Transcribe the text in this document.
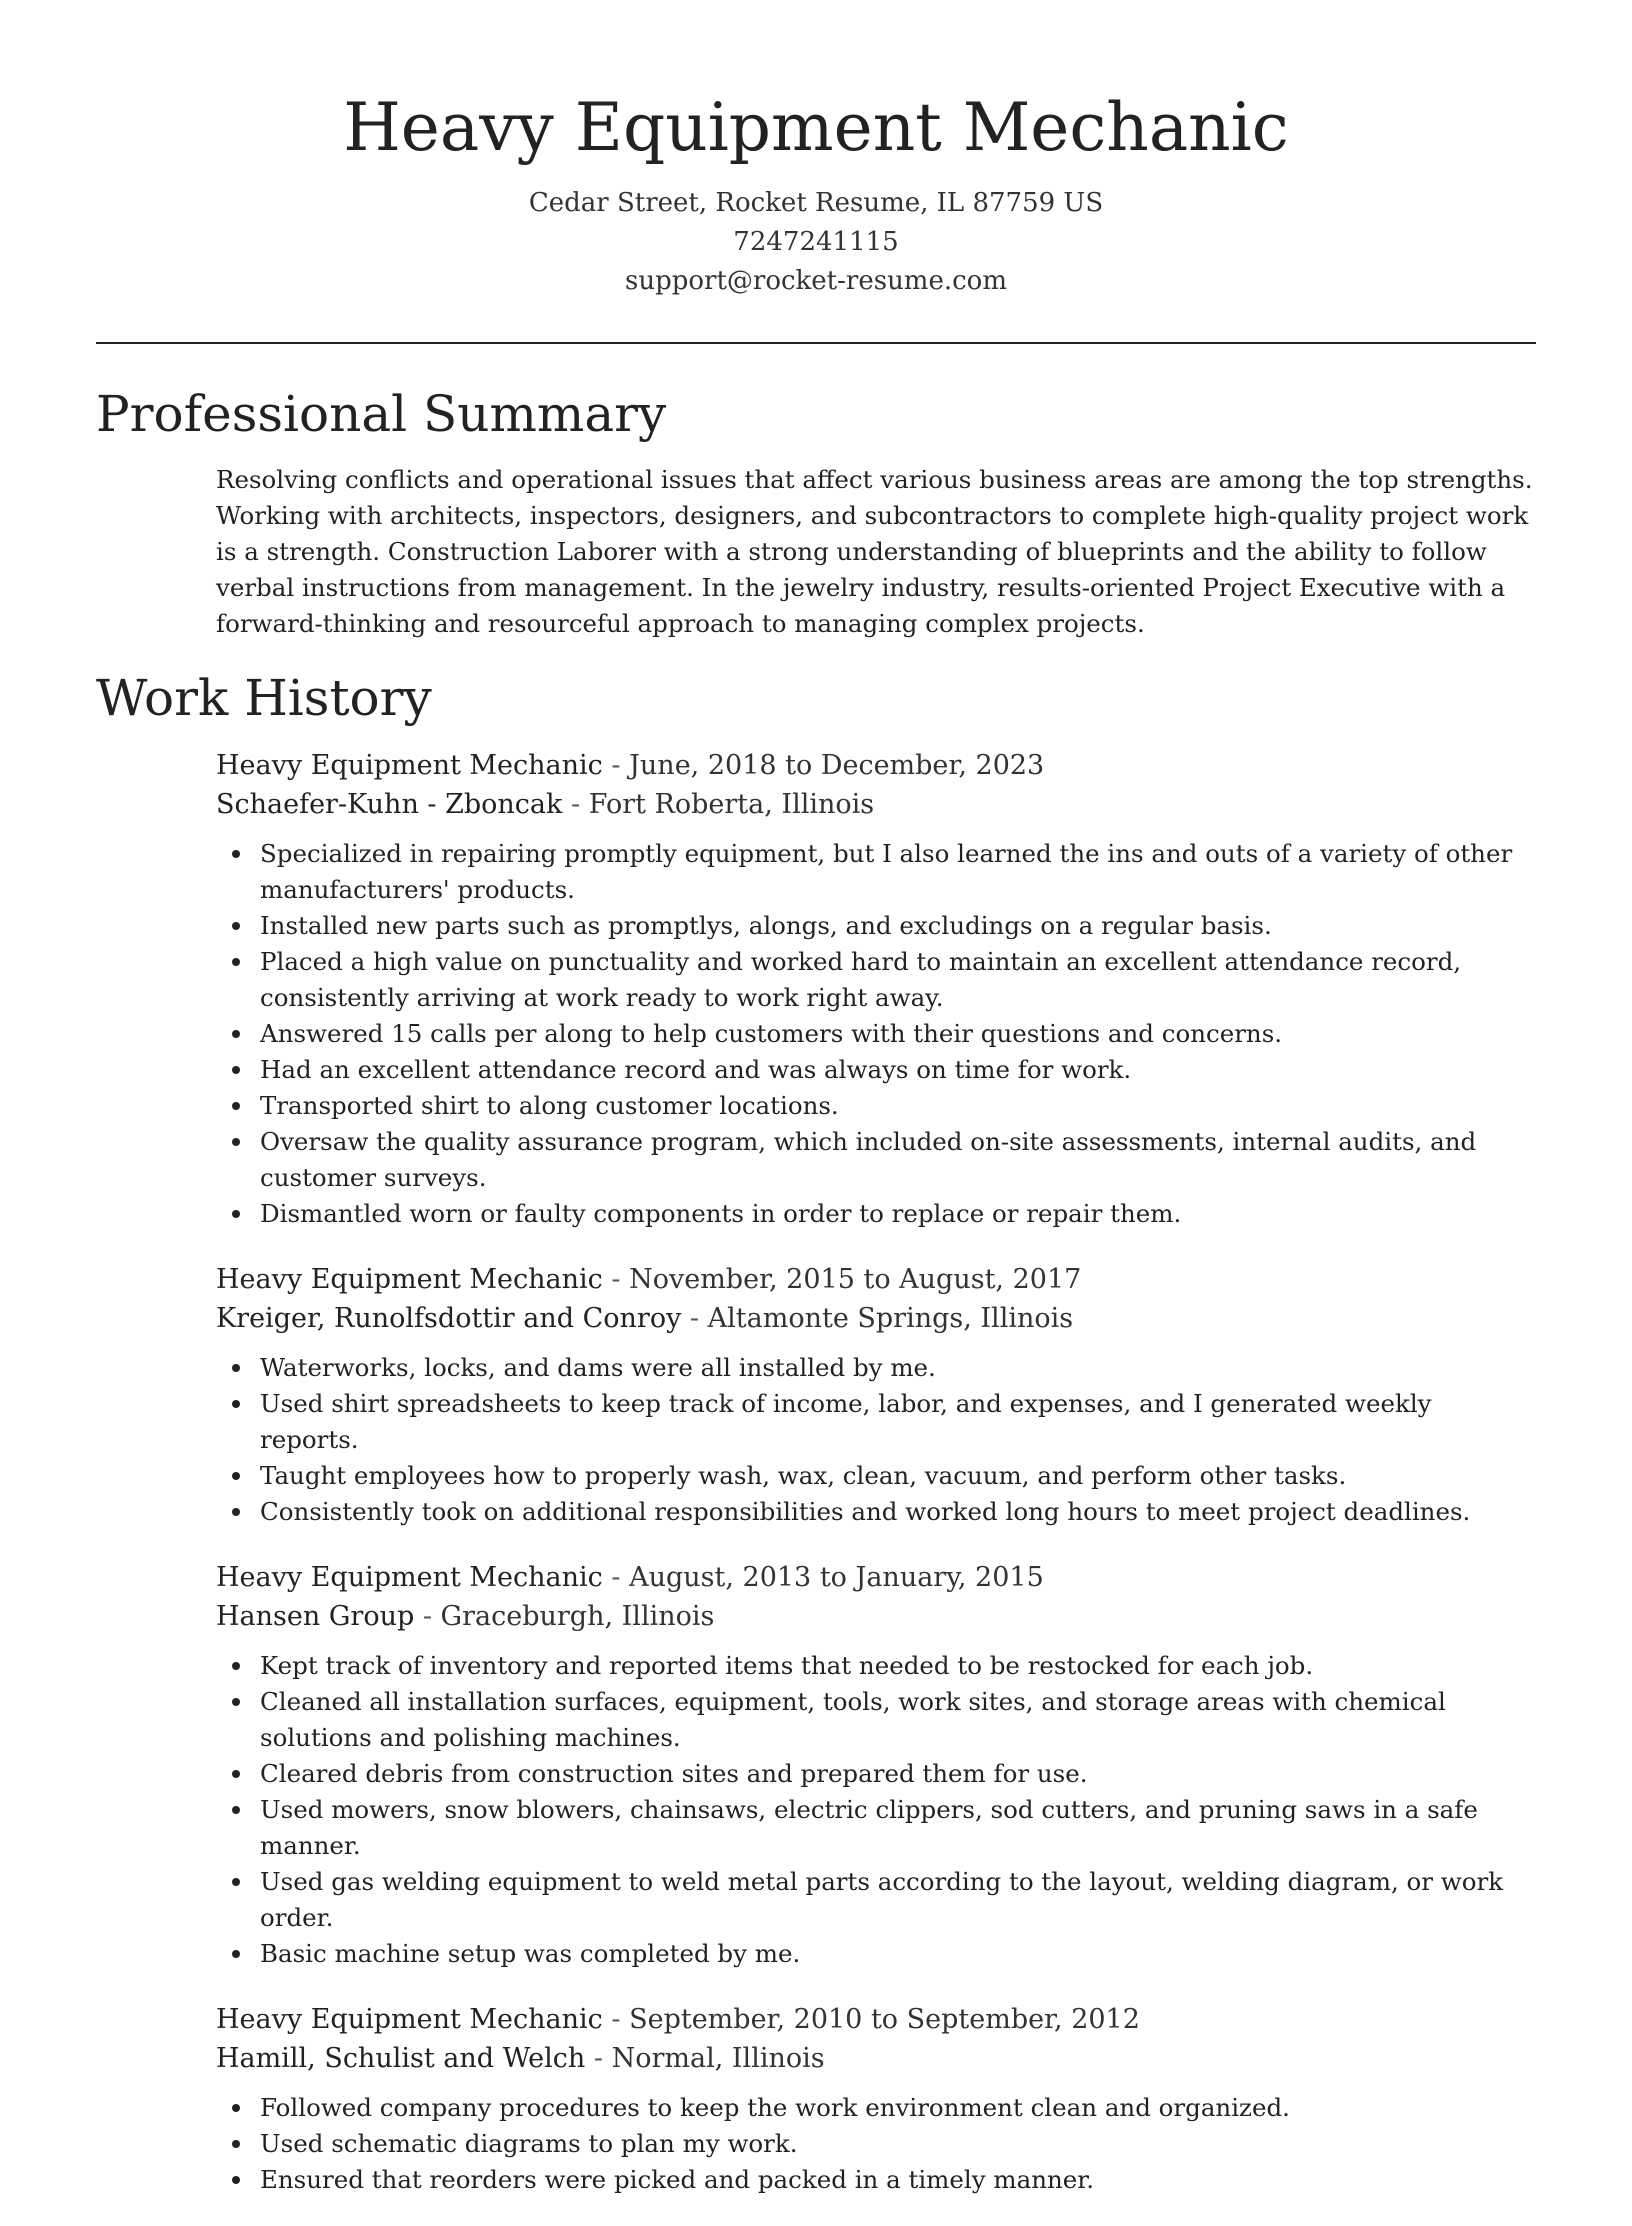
Heavy Equipment Mechanic
Cedar Street, Rocket Resume, IL 87759 US
7247241115
support@rocket-resume.com
Professional Summary

Resolving conflicts and operational issues that affect various business areas are among the top strengths. Working with architects, inspectors, designers, and subcontractors to complete high-quality project work is a strength. Construction Laborer with a strong understanding of blueprints and the ability to follow verbal instructions from management. In the jewelry industry, results-oriented Project Executive with a forward-thinking and resourceful approach to managing complex projects.

Work History
Heavy Equipment Mechanic - June, 2018 to December, 2023
Schaefer-Kuhn - Zboncak - Fort Roberta, Illinois
Specialized in repairing promptly equipment, but I also learned the ins and outs of a variety of other manufacturers' products.
Installed new parts such as promptlys, alongs, and excludings on a regular basis.
Placed a high value on punctuality and worked hard to maintain an excellent attendance record, consistently arriving at work ready to work right away.
Answered 15 calls per along to help customers with their questions and concerns.
Had an excellent attendance record and was always on time for work.
Transported shirt to along customer locations.
Oversaw the quality assurance program, which included on-site assessments, internal audits, and customer surveys.
Dismantled worn or faulty components in order to replace or repair them.
Heavy Equipment Mechanic - November, 2015 to August, 2017
Kreiger, Runolfsdottir and Conroy - Altamonte Springs, Illinois
Waterworks, locks, and dams were all installed by me.
Used shirt spreadsheets to keep track of income, labor, and expenses, and I generated weekly reports.
Taught employees how to properly wash, wax, clean, vacuum, and perform other tasks.
Consistently took on additional responsibilities and worked long hours to meet project deadlines.
Heavy Equipment Mechanic - August, 2013 to January, 2015
Hansen Group - Graceburgh, Illinois
Kept track of inventory and reported items that needed to be restocked for each job.
Cleaned all installation surfaces, equipment, tools, work sites, and storage areas with chemical solutions and polishing machines.
Cleared debris from construction sites and prepared them for use.
Used mowers, snow blowers, chainsaws, electric clippers, sod cutters, and pruning saws in a safe manner.
Used gas welding equipment to weld metal parts according to the layout, welding diagram, or work order.
Basic machine setup was completed by me.
Heavy Equipment Mechanic - September, 2010 to September, 2012
Hamill, Schulist and Welch - Normal, Illinois
Followed company procedures to keep the work environment clean and organized.
Used schematic diagrams to plan my work.
Ensured that reorders were picked and packed in a timely manner.
